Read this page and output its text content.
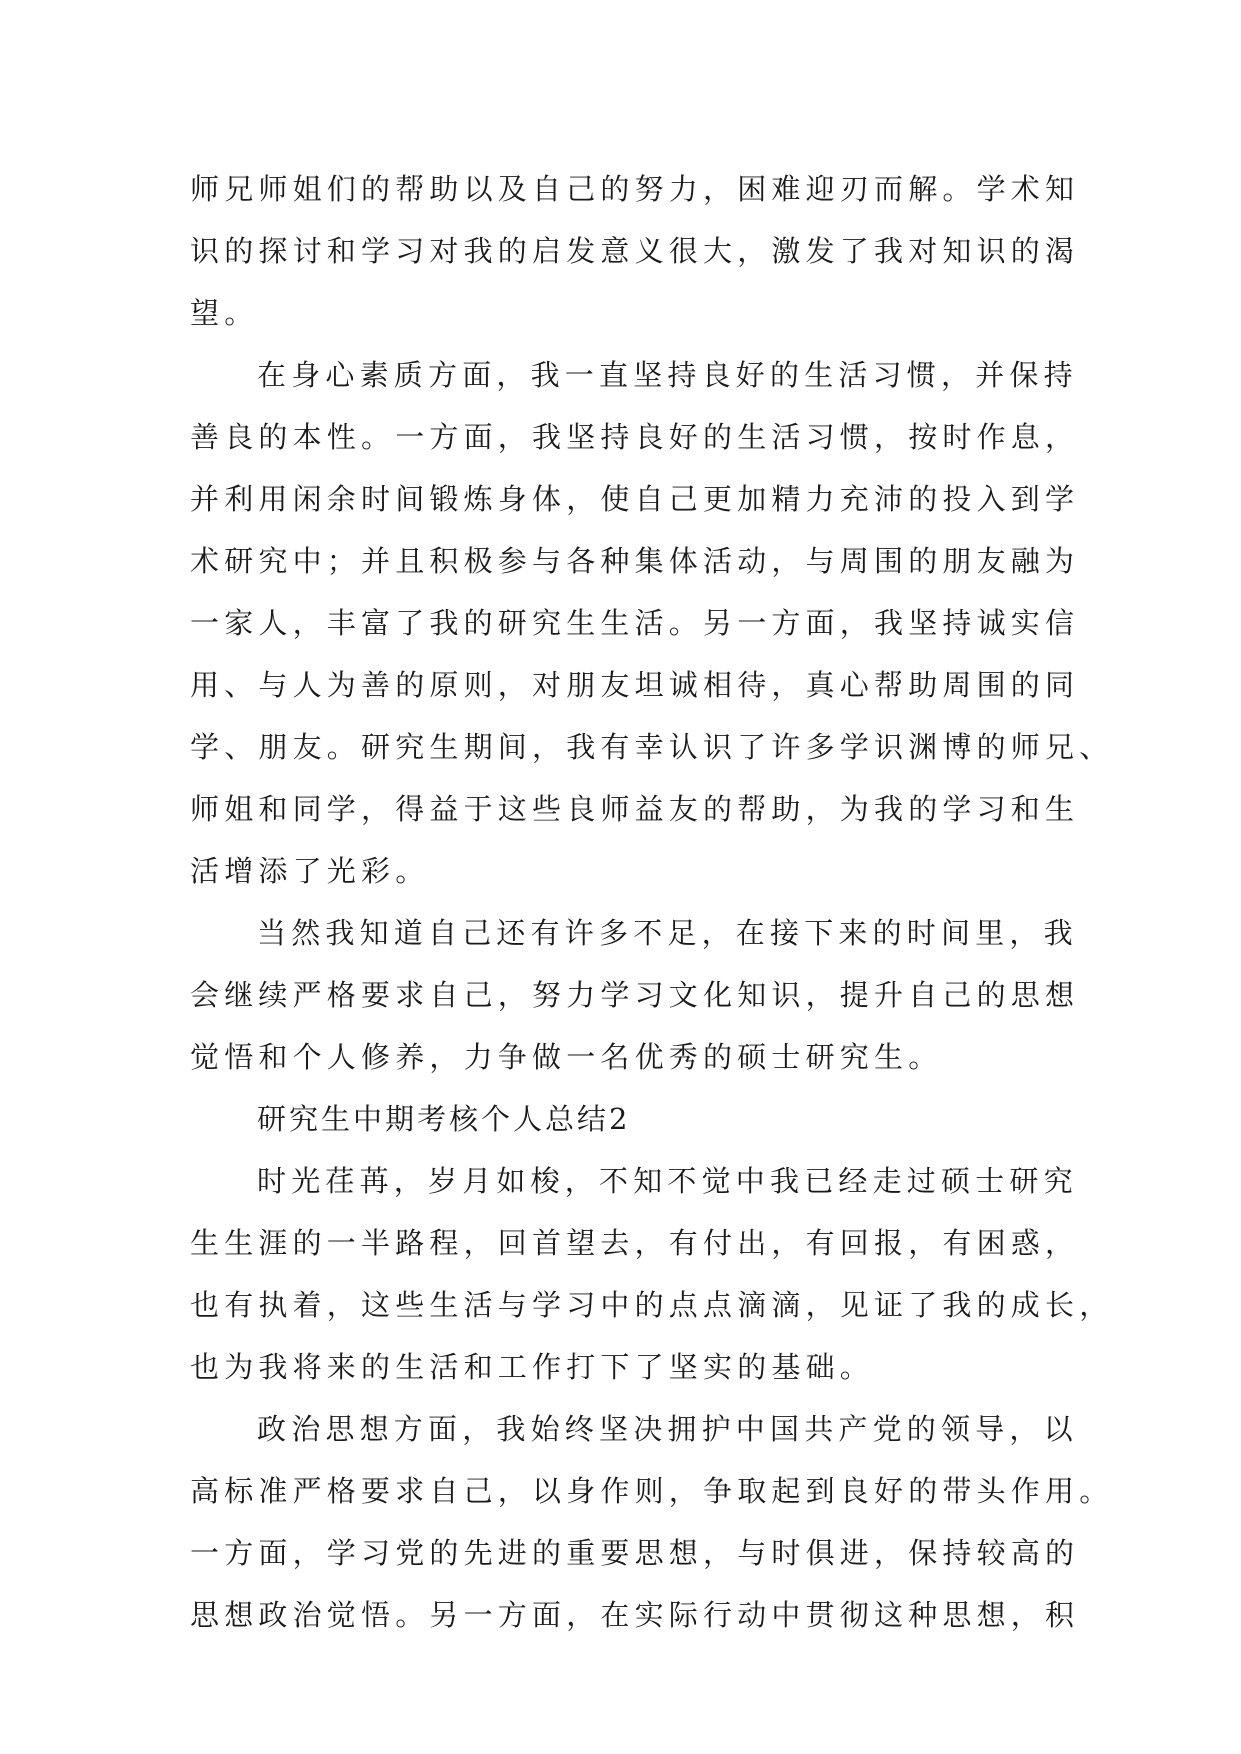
师兄师姐们的帮助以及自己的努力，困难迎刃而解。学术知
识的探讨和学习对我的启发意义很大，激发了我对知识的渴
望。
在身心素质方面，我一直坚持良好的生活习惯，并保持
善良的本性。一方面，我坚持良好的生活习惯，按时作息，
并利用闲余时间锻炼身体，使自己更加精力充沛的投入到学
术研究中；并且积极参与各种集体活动，与周围的朋友融为
一家人，丰富了我的研究生生活。另一方面，我坚持诚实信
用、与人为善的原则，对朋友坦诚相待，真心帮助周围的同
学、朋友。研究生期间，我有幸认识了许多学识渊博的师兄、
师姐和同学，得益于这些良师益友的帮助，为我的学习和生
活增添了光彩。
当然我知道自己还有许多不足，在接下来的时间里，我
会继续严格要求自己，努力学习文化知识，提升自己的思想
觉悟和个人修养，力争做一名优秀的硕士研究生。
研究生中期考核个人总结2
时光荏苒，岁月如梭，不知不觉中我已经走过硕士研究
生生涯的一半路程，回首望去，有付出，有回报，有困惑，
也有执着，这些生活与学习中的点点滴滴，见证了我的成长，
也为我将来的生活和工作打下了坚实的基础。
政治思想方面，我始终坚决拥护中国共产党的领导，以
高标准严格要求自己，以身作则，争取起到良好的带头作用。
一方面，学习党的先进的重要思想，与时俱进，保持较高的
思想政治觉悟。另一方面，在实际行动中贯彻这种思想，积
